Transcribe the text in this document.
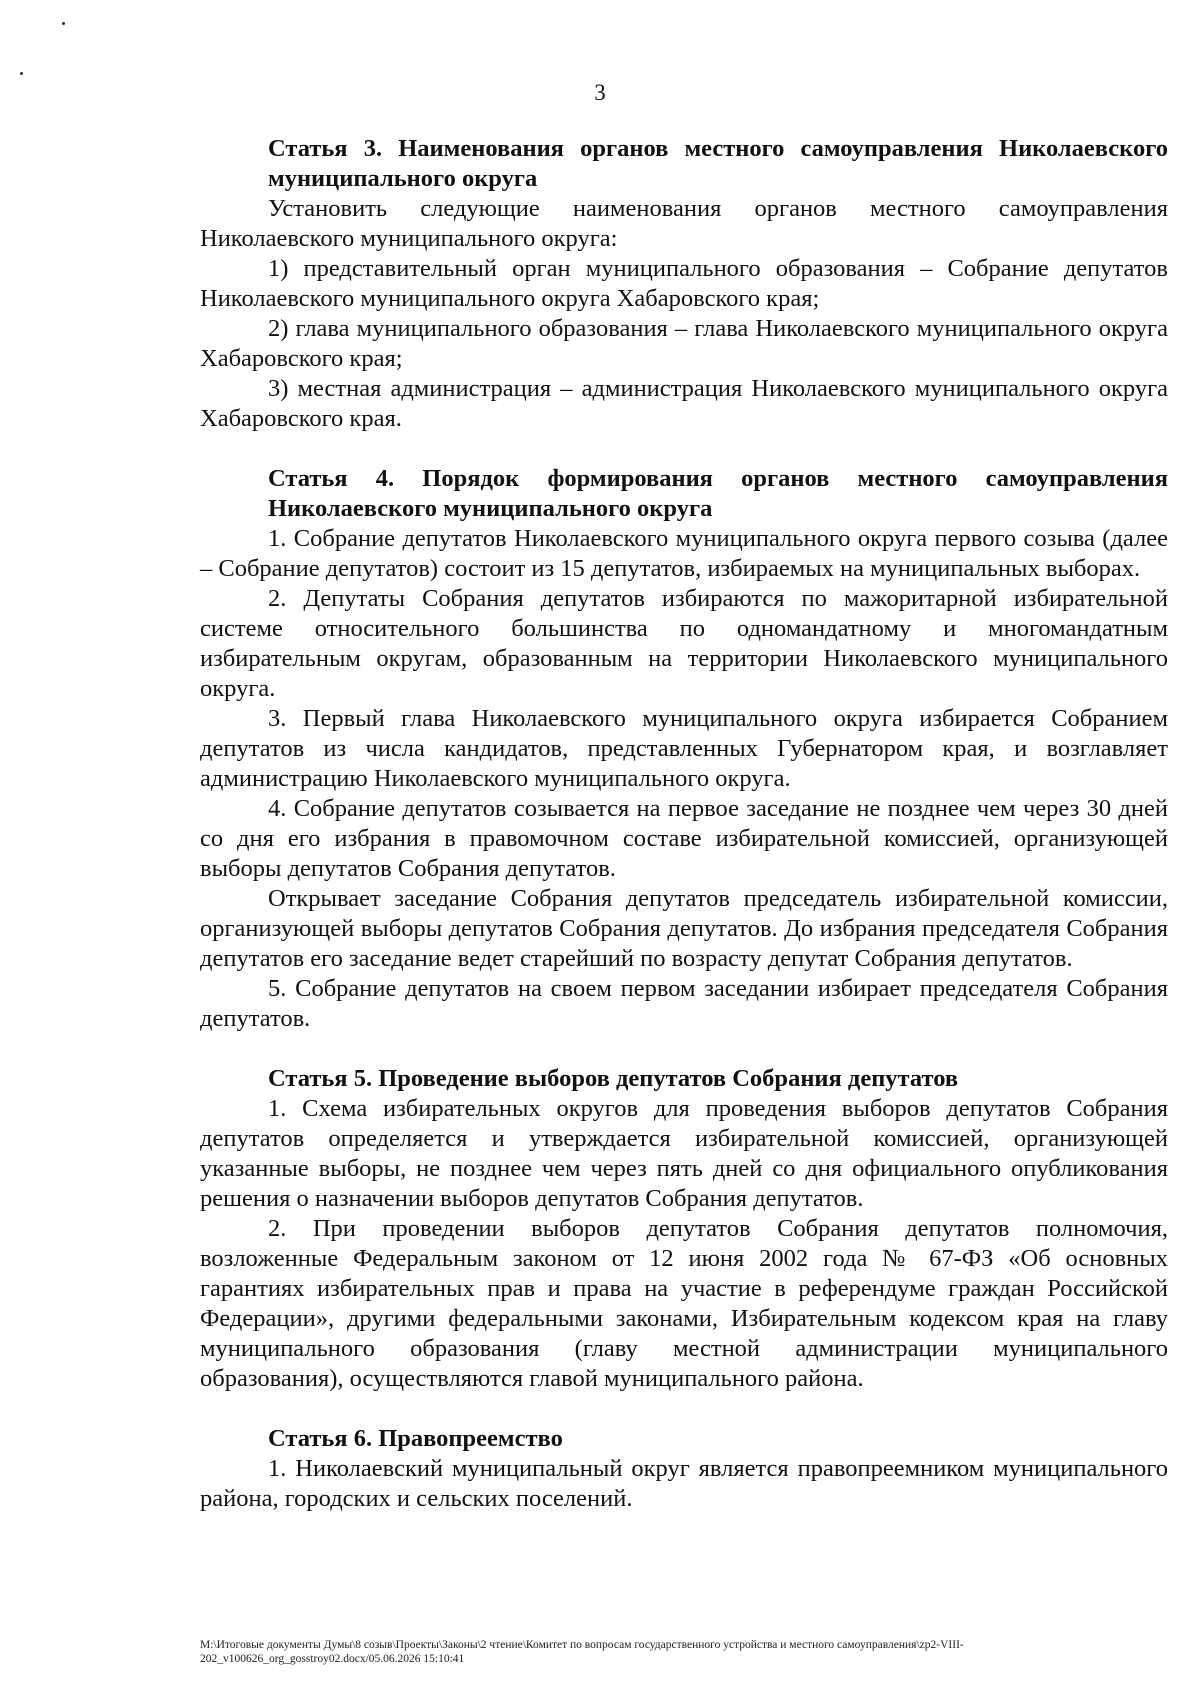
3
Статья 3. Наименования органов местного самоуправления Николаевского муниципального округа

Установить следующие наименования органов местного самоуправления Николаевского муниципального округа:

1) представительный орган муниципального образования – Собрание депутатов Николаевского муниципального округа Хабаровского края;

2) глава муниципального образования – глава Николаевского муниципального округа Хабаровского края;

3) местная администрация – администрация Николаевского муниципального округа Хабаровского края.

Статья 4. Порядок формирования органов местного самоуправления Николаевского муниципального округа

1. Собрание депутатов Николаевского муниципального округа первого созыва (далее – Собрание депутатов) состоит из 15 депутатов, избираемых на муниципальных выборах.

2. Депутаты Собрания депутатов избираются по мажоритарной избирательной системе относительного большинства по одномандатному и многомандатным избирательным округам, образованным на территории Николаевского муниципального округа.

3. Первый глава Николаевского муниципального округа избирается Собранием депутатов из числа кандидатов, представленных Губернатором края, и возглавляет администрацию Николаевского муниципального округа.

4. Собрание депутатов созывается на первое заседание не позднее чем через 30 дней со дня его избрания в правомочном составе избирательной комиссией, организующей выборы депутатов Собрания депутатов.

Открывает заседание Собрания депутатов председатель избирательной комиссии, организующей выборы депутатов Собрания депутатов. До избрания председателя Собрания депутатов его заседание ведет старейший по возрасту депутат Собрания депутатов.

5. Собрание депутатов на своем первом заседании избирает председателя Собрания депутатов.

Статья 5. Проведение выборов депутатов Собрания депутатов

1. Схема избирательных округов для проведения выборов депутатов Собрания депутатов определяется и утверждается избирательной комиссией, организующей указанные выборы, не позднее чем через пять дней со дня официального опубликования решения о назначении выборов депутатов Собрания депутатов.

2. При проведении выборов депутатов Собрания депутатов полномочия, возложенные Федеральным законом от 12 июня 2002 года № 67-ФЗ «Об основных гарантиях избирательных прав и права на участие в референдуме граждан Российской Федерации», другими федеральными законами, Избирательным кодексом края на главу муниципального образования (главу местной администрации муниципального образования), осуществляются главой муниципального района.

Статья 6. Правопреемство

1. Николаевский муниципальный округ является правопреемником муниципального района, городских и сельских поселений.

M:\Итоговые документы Думы\8 созыв\Проекты\Законы\2 чтение\Комитет по вопросам государственного устройства и местного самоуправления\zp2-VIII-202_v100626_org_gosstroy02.docx/05.06.2026 15:10:41
